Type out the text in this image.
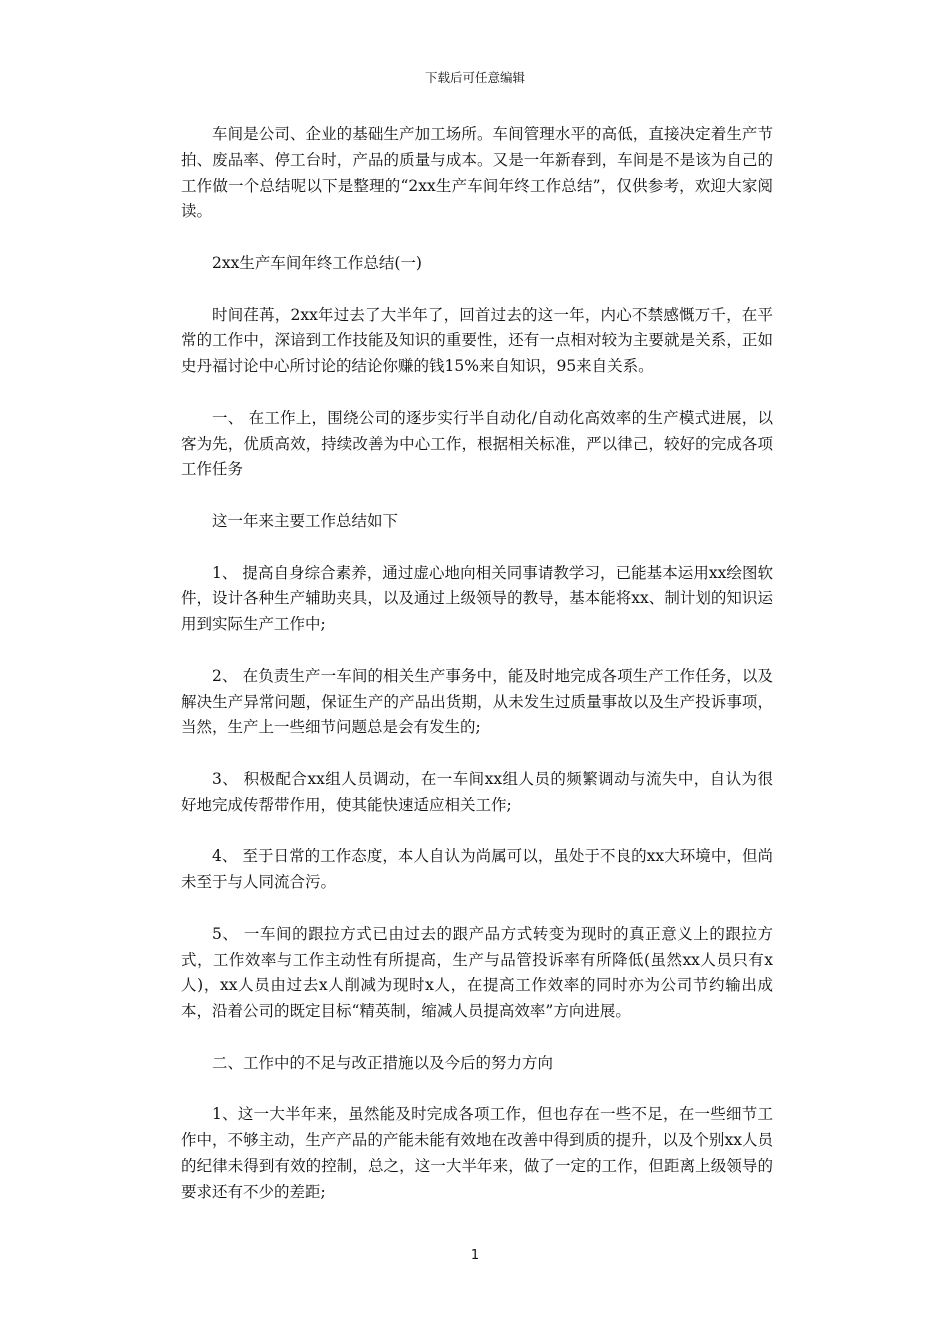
下载后可任意编辑

车间是公司、企业的基础生产加工场所。车间管理水平的高低，直接决定着生产节拍、废品率、停工台时，产品的质量与成本。又是一年新春到，车间是不是该为自己的工作做一个总结呢以下是整理的“2xx生产车间年终工作总结”，仅供参考，欢迎大家阅读。

2xx生产车间年终工作总结(一)

时间荏苒，2xx年过去了大半年了，回首过去的这一年，内心不禁感慨万千，在平常的工作中，深谙到工作技能及知识的重要性，还有一点相对较为主要就是关系，正如史丹福讨论中心所讨论的结论你赚的钱15%来自知识，95来自关系。

一、 在工作上，围绕公司的逐步实行半自动化/自动化高效率的生产模式进展，以客为先，优质高效，持续改善为中心工作，根据相关标准，严以律己，较好的完成各项工作任务

这一年来主要工作总结如下

1、 提高自身综合素养，通过虚心地向相关同事请教学习，已能基本运用xx绘图软件，设计各种生产辅助夹具，以及通过上级领导的教导，基本能将xx、制计划的知识运用到实际生产工作中;

2、 在负责生产一车间的相关生产事务中，能及时地完成各项生产工作任务，以及解决生产异常问题，保证生产的产品出货期，从未发生过质量事故以及生产投诉事项，当然，生产上一些细节问题总是会有发生的;

3、 积极配合xx组人员调动，在一车间xx组人员的频繁调动与流失中，自认为很好地完成传帮带作用，使其能快速适应相关工作;

4、 至于日常的工作态度，本人自认为尚属可以，虽处于不良的xx大环境中，但尚未至于与人同流合污。

5、 一车间的跟拉方式已由过去的跟产品方式转变为现时的真正意义上的跟拉方式，工作效率与工作主动性有所提高，生产与品管投诉率有所降低(虽然xx人员只有x人)，xx人员由过去x人削减为现时x人，在提高工作效率的同时亦为公司节约输出成本，沿着公司的既定目标“精英制，缩减人员提高效率”方向进展。

二、工作中的不足与改正措施以及今后的努力方向

1、这一大半年来，虽然能及时完成各项工作，但也存在一些不足，在一些细节工作中，不够主动，生产产品的产能未能有效地在改善中得到质的提升，以及个别xx人员的纪律未得到有效的控制，总之，这一大半年来，做了一定的工作，但距离上级领导的要求还有不少的差距;

1
